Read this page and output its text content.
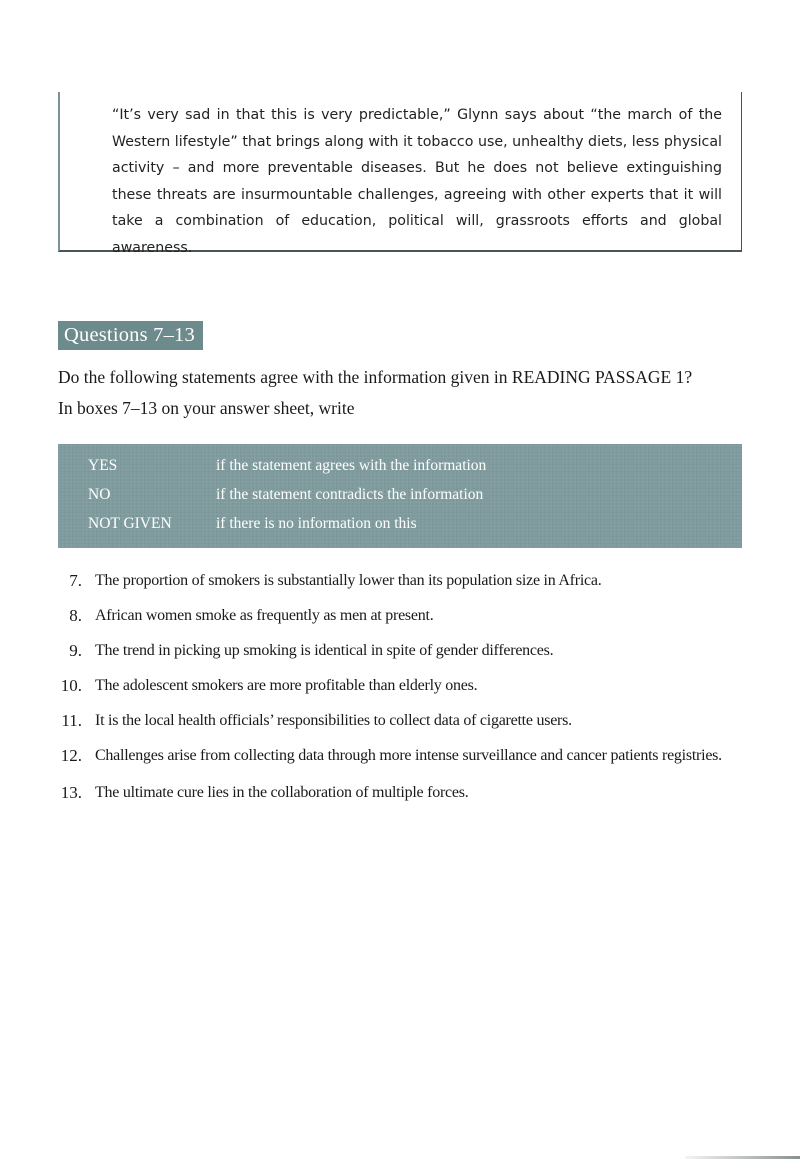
“It’s very sad in that this is very predictable,” Glynn says about “the march of the Western lifestyle” that brings along with it tobacco use, unhealthy diets, less physical activity – and more preventable diseases. But he does not believe extinguishing these threats are insurmountable challenges, agreeing with other experts that it will take a combination of education, political will, grassroots efforts and global awareness.

Questions 7–13

Do the following statements agree with the information given in READING PASSAGE 1?

In boxes 7–13 on your answer sheet, write

YES	if the statement agrees with the information
NO	if the statement contradicts the information
NOT GIVEN	if there is no information on this
7. The proportion of smokers is substantially lower than its population size in Africa.
8. African women smoke as frequently as men at present.
9. The trend in picking up smoking is identical in spite of gender differences.
10. The adolescent smokers are more profitable than elderly ones.
11. It is the local health officials’ responsibilities to collect data of cigarette users.
12. Challenges arise from collecting data through more intense surveillance and cancer patients registries.
13. The ultimate cure lies in the collaboration of multiple forces.
